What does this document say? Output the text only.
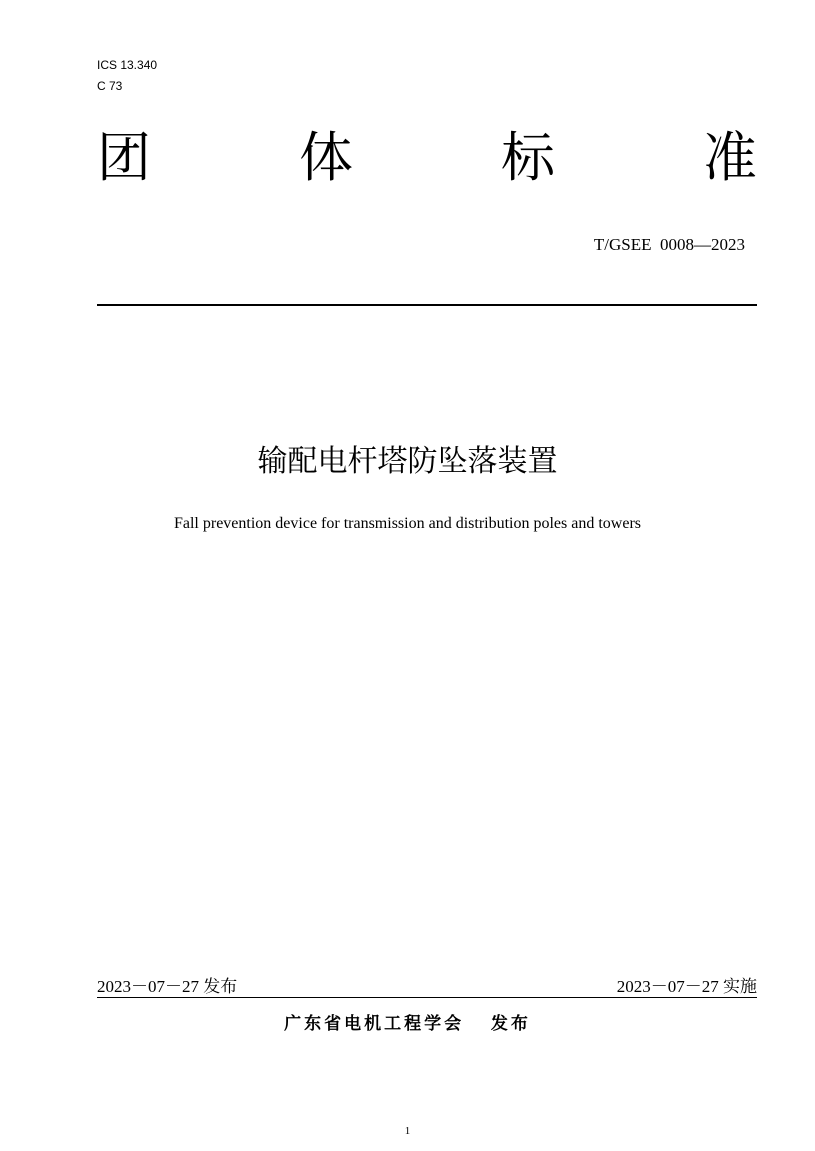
ICS 13.340
C 73
团	体	标	准
T/GSEE  0008—2023
输配电杆塔防坠落装置
Fall prevention device for transmission and distribution poles and towers
2023－07－27 发布	2023－07－27 实施
广东省电机工程学会   发布
1
